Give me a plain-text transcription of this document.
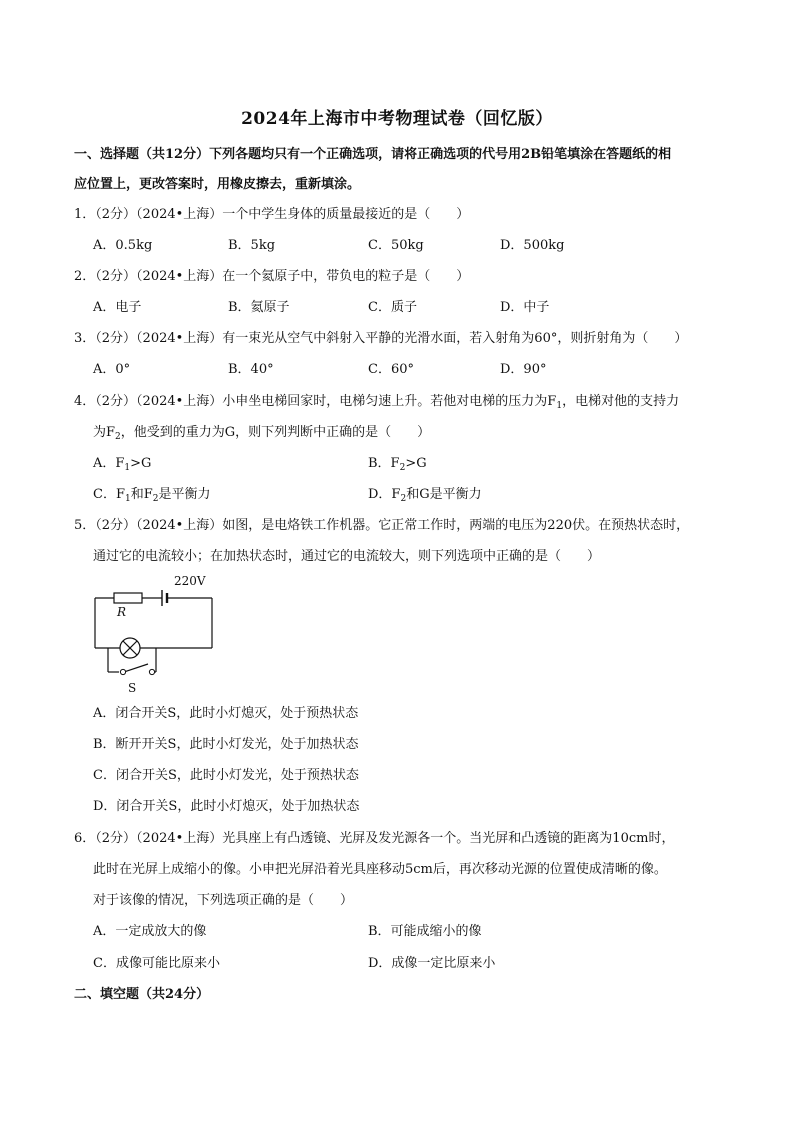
2024年上海市中考物理试卷（回忆版）
一、选择题（共12分）下列各题均只有一个正确选项，请将正确选项的代号用2B铅笔填涂在答题纸的相
应位置上，更改答案时，用橡皮擦去，重新填涂。
1．（2分）（2024•上海）一个中学生身体的质量最接近的是（　　）
A．0.5kg	B．5kg	C．50kg	D．500kg
2．（2分）（2024•上海）在一个氦原子中，带负电的粒子是（　　）
A．电子	B．氦原子	C．质子	D．中子
3．（2分）（2024•上海）有一束光从空气中斜射入平静的光滑水面，若入射角为60°，则折射角为（　　）
A．0°	B．40°	C．60°	D．90°
4．（2分）（2024•上海）小申坐电梯回家时，电梯匀速上升。若他对电梯的压力为$F_1$，电梯对他的支持力
为$F_2$，他受到的重力为G，则下列判断中正确的是（　　）
A．$F_1>G$	B．$F_2>G$
C．$F_1$和$F_2$是平衡力	D．$F_2$和G是平衡力
5．（2分）（2024•上海）如图，是电烙铁工作机器。它正常工作时，两端的电压为220伏。在预热状态时，
通过它的电流较小；在加热状态时，通过它的电流较大，则下列选项中正确的是（　　）
220V
R
S
A．闭合开关S，此时小灯熄灭，处于预热状态
B．断开开关S，此时小灯发光，处于加热状态
C．闭合开关S，此时小灯发光，处于预热状态
D．闭合开关S，此时小灯熄灭，处于加热状态
6．（2分）（2024•上海）光具座上有凸透镜、光屏及发光源各一个。当光屏和凸透镜的距离为10cm时，
此时在光屏上成缩小的像。小申把光屏沿着光具座移动5cm后，再次移动光源的位置使成清晰的像。
对于该像的情况，下列选项正确的是（　　）
A．一定成放大的像	B．可能成缩小的像
C．成像可能比原来小	D．成像一定比原来小
二、填空题（共24分）
